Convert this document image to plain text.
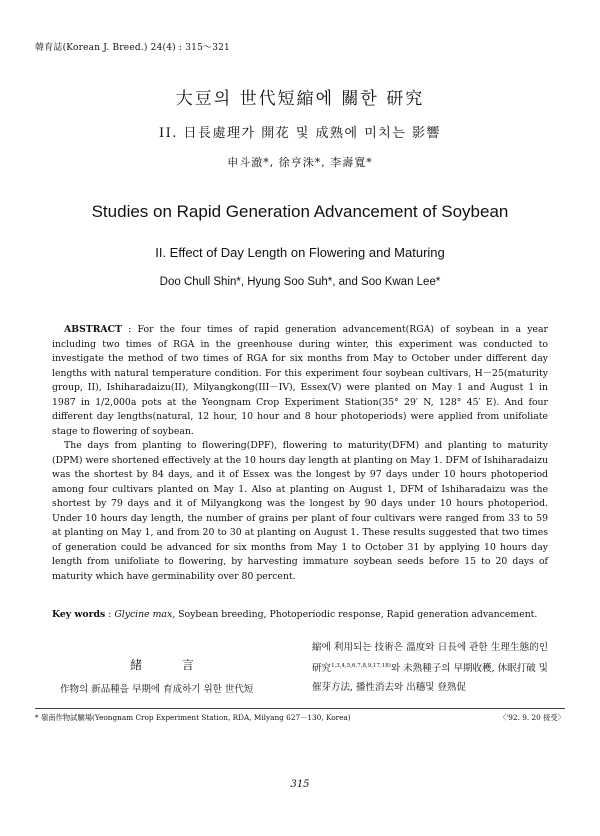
韓育誌(Korean J. Breed.) 24(4) : 315〜321
大豆의 世代短縮에 關한 研究
II. 日長處理가 開花 및 成熟에 미치는 影響
申斗澈*, 徐亨洙*, 李壽寬*
Studies on Rapid Generation Advancement of Soybean
II. Effect of Day Length on Flowering and Maturing
Doo Chull Shin*, Hyung Soo Suh*, and Soo Kwan Lee*

ABSTRACT : For the four times of rapid generation advancement(RGA) of soybean in a year including two times of RGA in the greenhouse during winter, this experiment was conducted to investigate the method of two times of RGA for six months from May to October under different day lengths with natural temperature condition. For this experiment four soybean cultivars, H－25(maturity group, II), Ishiharadaizu(II), Milyangkong(III－IV), Essex(V) were planted on May 1 and August 1 in 1987 in 1/2,000a pots at the Yeongnam Crop Experiment Station(35° 29′ N, 128° 45′ E). And four different day lengths(natural, 12 hour, 10 hour and 8 hour photoperiods) were applied from unifoliate stage to flowering of soybean.

The days from planting to flowering(DPF), flowering to maturity(DFM) and planting to maturity (DPM) were shortened effectively at the 10 hours day length at planting on May 1. DFM of Ishiharadaizu was the shortest by 84 days, and it of Essex was the longest by 97 days under 10 hours photoperiod among four cultivars planted on May 1. Also at planting on August 1, DFM of Ishiharadaizu was the shortest by 79 days and it of Milyangkong was the longest by 90 days under 10 hours photoperiod. Under 10 hours day length, the number of grains per plant of four cultivars were ranged from 33 to 59 at planting on May 1, and from 20 to 30 at planting on August 1. These results suggested that two times of generation could be advanced for six months from May 1 to October 31 by applying 10 hours day length from unifoliate to flowering, by harvesting immature soybean seeds before 15 to 20 days of maturity which have germinability over 80 percent.

Key words : Glycine max, Soybean breeding, Photoperiodic response, Rapid generation advancement.
緒 言
作物의 新品種을 早期에 育成하기 위한 世代短
縮에 利用되는 技術은 溫度와 日長에 관한 生理生態的인 研究$^{1,3,4,5,6,7,8,9,17,18)}$와 未熟種子의 早期收穫, 休眠打破 및 催芽方法, 播性消去와 出穗및 登熟促
* 嶺南作物試驗場(Yeongnam Crop Experiment Station, RDA, Milyang 627－130, Korea)	〈'92. 9. 20 接受〉
315
